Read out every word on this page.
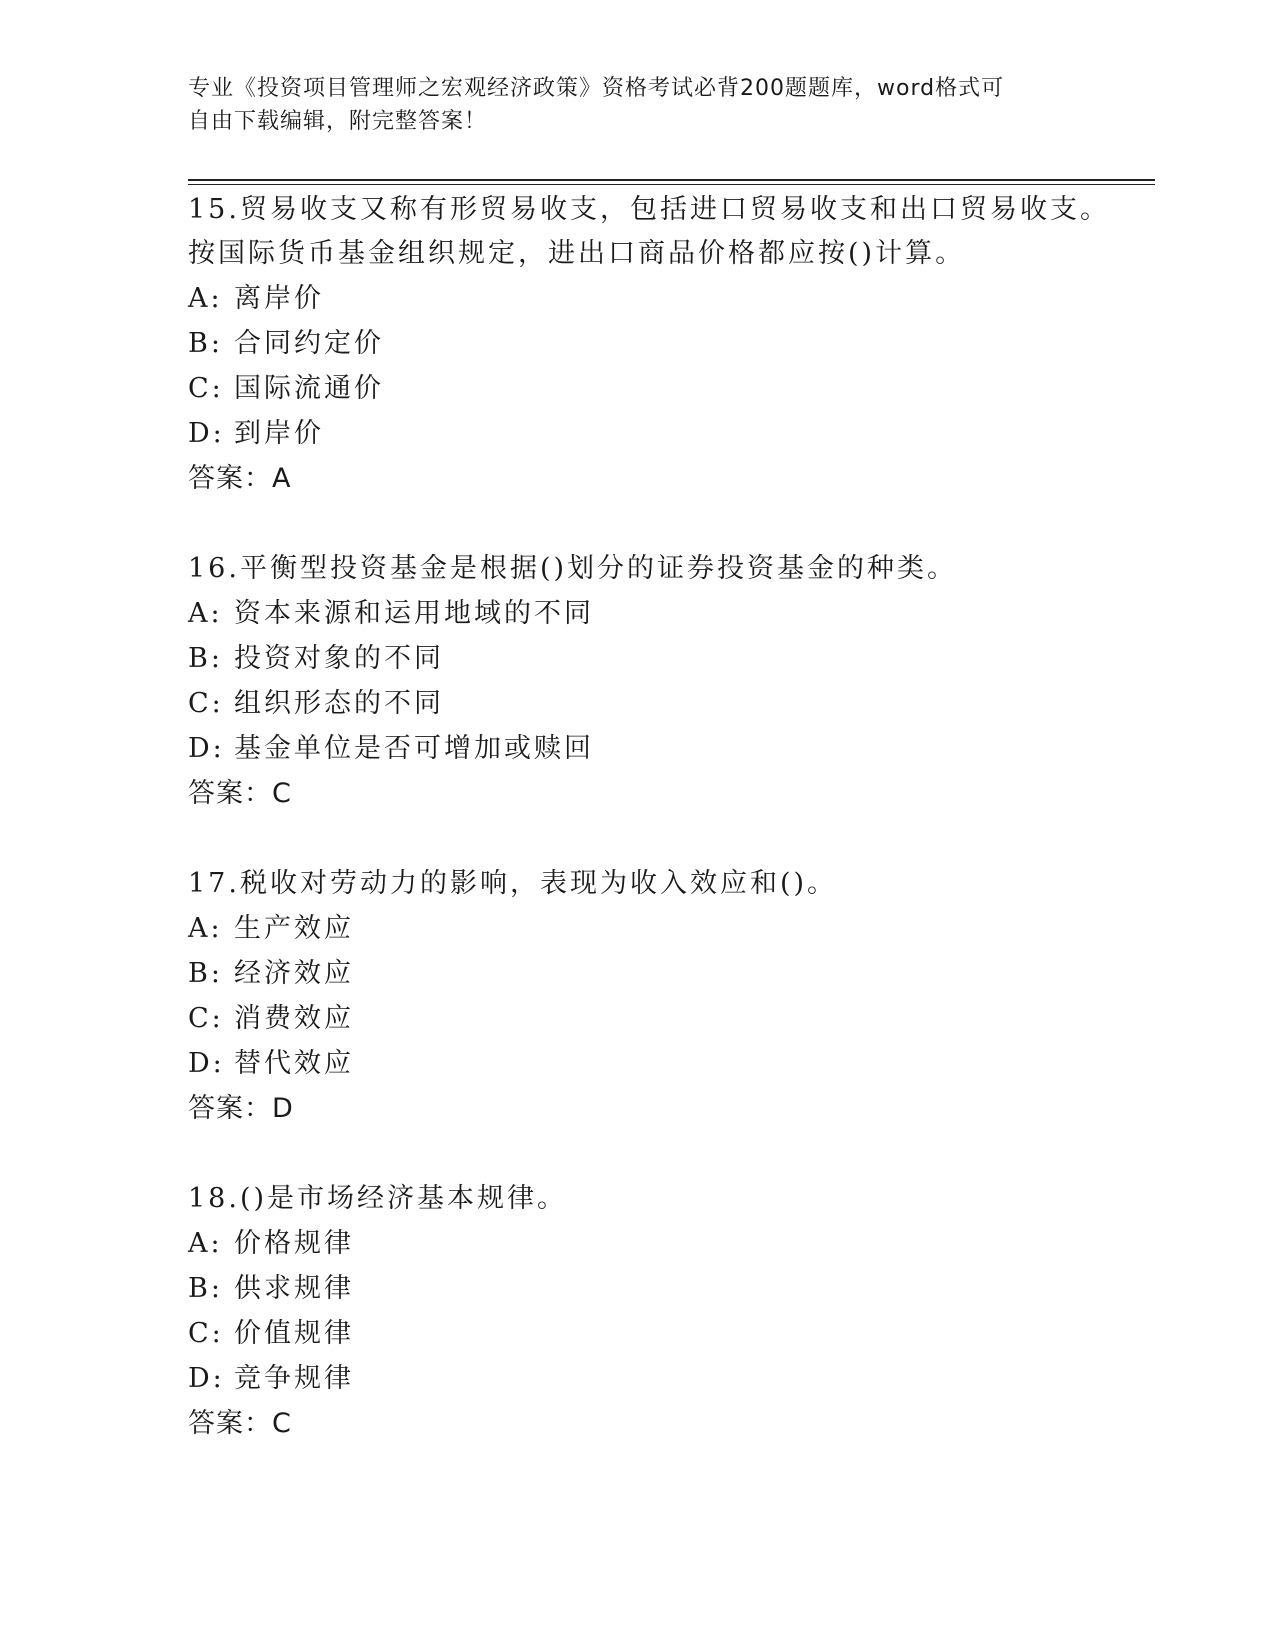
专业《投资项目管理师之宏观经济政策》资格考试必背200题题库，word格式可
自由下载编辑，附完整答案！

15.贸易收支又称有形贸易收支，包括进口贸易收支和出口贸易收支。

按国际货币基金组织规定，进出口商品价格都应按()计算。

A: 离岸价

B: 合同约定价

C: 国际流通价

D: 到岸价

答案：A

16.平衡型投资基金是根据()划分的证券投资基金的种类。

A: 资本来源和运用地域的不同

B: 投资对象的不同

C: 组织形态的不同

D: 基金单位是否可增加或赎回

答案：C

17.税收对劳动力的影响，表现为收入效应和()。

A: 生产效应

B: 经济效应

C: 消费效应

D: 替代效应

答案：D

18.()是市场经济基本规律。

A: 价格规律

B: 供求规律

C: 价值规律

D: 竞争规律

答案：C
